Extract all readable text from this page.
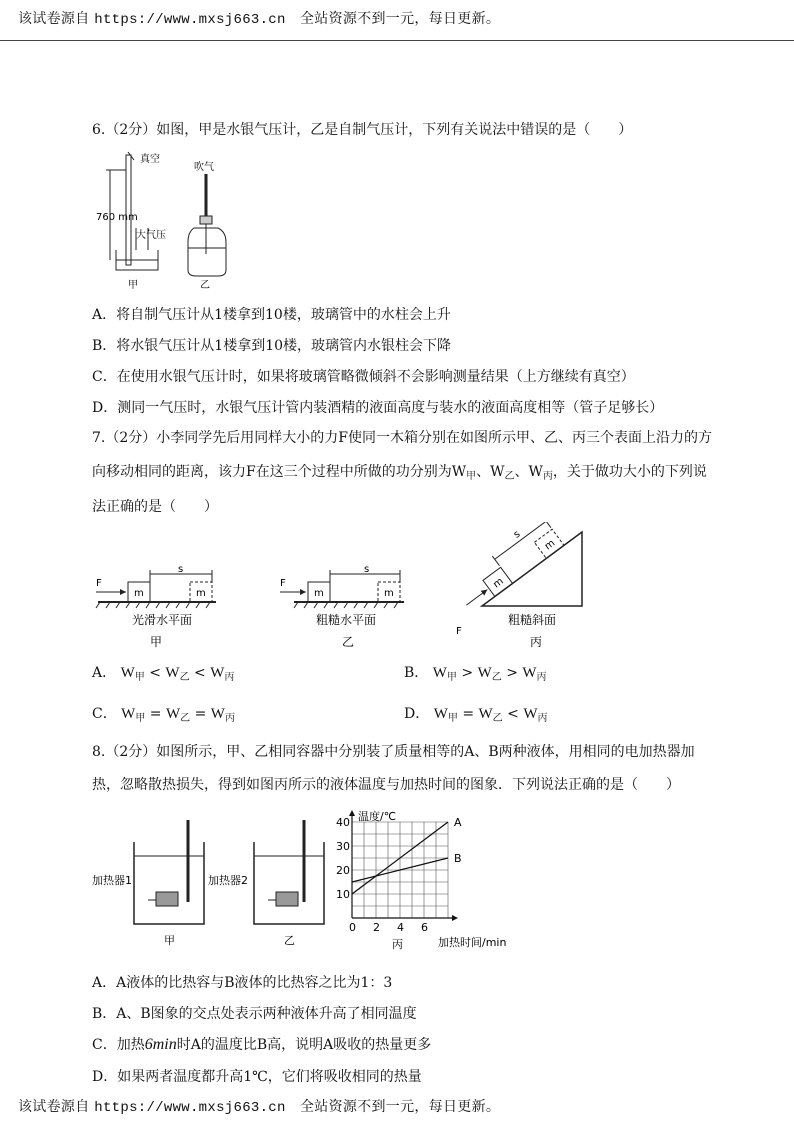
该试卷源自 https://www.mxsj663.cn 全站资源不到一元，每日更新。
6.（2分）如图，甲是水银气压计，乙是自制气压计，下列有关说法中错误的是（　　）
真空
760 mm
大气压
甲
吹气
乙
A．将自制气压计从1楼拿到10楼，玻璃管中的水柱会上升
B．将水银气压计从1楼拿到10楼，玻璃管内水银柱会下降
C．在使用水银气压计时，如果将玻璃管略微倾斜不会影响测量结果（上方继续有真空）
D．测同一气压时，水银气压计管内装酒精的液面高度与装水的液面高度相等（管子足够长）
7.（2分）小李同学先后用同样大小的力F使同一木箱分别在如图所示甲、乙、丙三个表面上沿力的方
向移动相同的距离，该力F在这三个过程中所做的功分别为$W_甲$、$W_乙$、$W_丙$，关于做功大小的下列说
法正确的是（　　）
m	m
F
s
光滑水平面
甲
m	m
F
s
粗糙水平面
乙
m
m
s
F
粗糙斜面
丙
A． $W_甲 < W_乙 < W_丙$	B． $W_甲 > W_乙 > W_丙$
C． $W_甲 = W_乙 = W_丙$	D． $W_甲 = W_乙 < W_丙$
8.（2分）如图所示，甲、乙相同容器中分别装了质量相等的A、B两种液体，用相同的电加热器加
热，忽略散热损失，得到如图丙所示的液体温度与加热时间的图象．下列说法正确的是（　　）
加热器1
甲
加热器2
乙
0 2 4 6
10
20
30
40 温度/℃
加热时间/min
A
B
丙
A．A液体的比热容与B液体的比热容之比为1：3
B．A、B图象的交点处表示两种液体升高了相同温度
C．加热6min时A的温度比B高，说明A吸收的热量更多
D．如果两者温度都升高1℃，它们将吸收相同的热量
该试卷源自 https://www.mxsj663.cn 全站资源不到一元，每日更新。
